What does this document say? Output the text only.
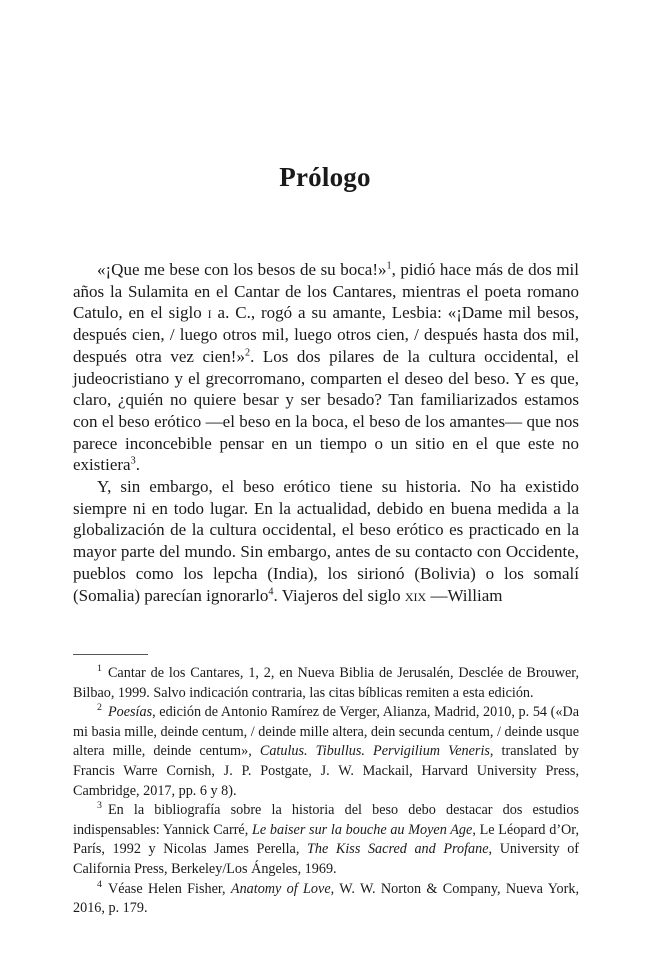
Prólogo

«¡Que me bese con los besos de su boca!»$^1$, pidió hace más de dos mil años la Sulamita en el Cantar de los Cantares, mientras el poeta romano Catulo, en el siglo i a. C., rogó a su amante, Lesbia: «¡Dame mil besos, después cien, / luego otros mil, luego otros cien, / después hasta dos mil, después otra vez cien!»$^2$. Los dos pilares de la cultura occidental, el judeocristiano y el grecorromano, comparten el deseo del beso. Y es que, claro, ¿quién no quiere besar y ser besado? Tan familiarizados estamos con el beso erótico —el beso en la boca, el beso de los amantes— que nos parece inconcebible pensar en un tiempo o un sitio en el que este no existiera$^3$.

Y, sin embargo, el beso erótico tiene su historia. No ha existido siempre ni en todo lugar. En la actualidad, debido en buena medida a la globalización de la cultura occidental, el beso erótico es practicado en la mayor parte del mundo. Sin embargo, antes de su contacto con Occidente, pueblos como los lepcha (India), los sirionó (Bolivia) o los somalí (Somalia) parecían ignorarlo$^4$. Viajeros del siglo xix —William

$^1$ Cantar de los Cantares, 1, 2, en Nueva Biblia de Jerusalén, Desclée de Brouwer, Bilbao, 1999. Salvo indicación contraria, las citas bíblicas remiten a esta edición.

$^2$ Poesías, edición de Antonio Ramírez de Verger, Alianza, Madrid, 2010, p. 54 («Da mi basia mille, deinde centum, / deinde mille altera, dein secunda centum, / deinde usque altera mille, deinde centum», Catulus. Tibullus. Pervigilium Veneris, translated by Francis Warre Cornish, J. P. Postgate, J. W. Mackail, Harvard University Press, Cambridge, 2017, pp. 6 y 8).

$^3$ En la bibliografía sobre la historia del beso debo destacar dos estudios indispensables: Yannick Carré, Le baiser sur la bouche au Moyen Age, Le Léopard d’Or, París, 1992 y Nicolas James Perella, The Kiss Sacred and Profane, University of California Press, Berkeley/Los Ángeles, 1969.

$^4$ Véase Helen Fisher, Anatomy of Love, W. W. Norton & Company, Nueva York, 2016, p. 179.
